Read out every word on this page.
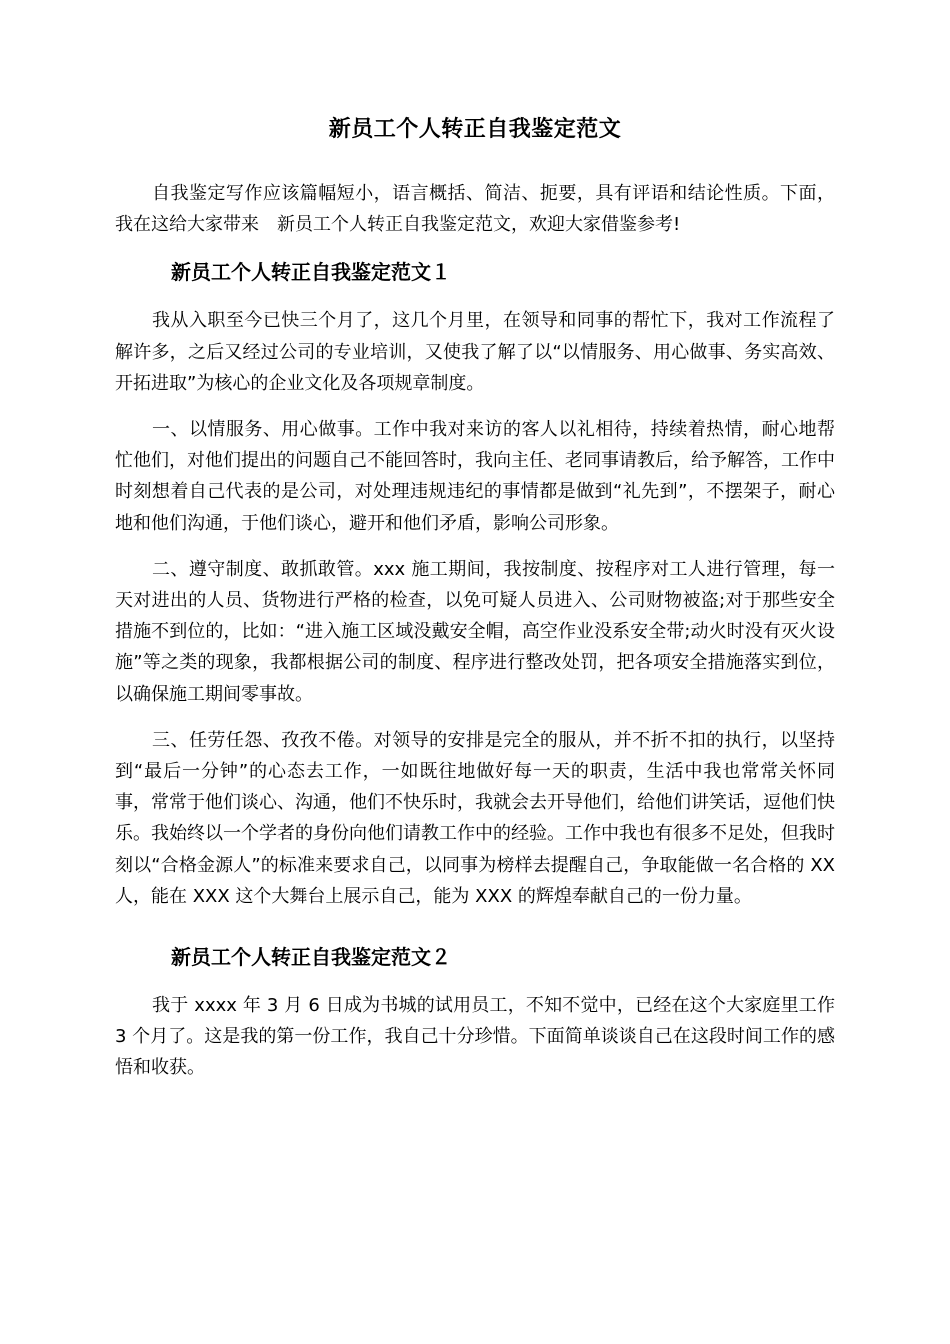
新员工个人转正自我鉴定范文

自我鉴定写作应该篇幅短小，语言概括、简洁、扼要，具有评语和结论性质。下面，我在这给大家带来　新员工个人转正自我鉴定范文，欢迎大家借鉴参考!

新员工个人转正自我鉴定范文１

我从入职至今已快三个月了，这几个月里，在领导和同事的帮忙下，我对工作流程了解许多，之后又经过公司的专业培训，又使我了解了以“以情服务、用心做事、务实高效、开拓进取”为核心的企业文化及各项规章制度。

一、以情服务、用心做事。工作中我对来访的客人以礼相待，持续着热情，耐心地帮忙他们，对他们提出的问题自己不能回答时，我向主任、老同事请教后，给予解答，工作中时刻想着自己代表的是公司，对处理违规违纪的事情都是做到“礼先到”，不摆架子，耐心地和他们沟通，于他们谈心，避开和他们矛盾，影响公司形象。

二、遵守制度、敢抓敢管。xxx 施工期间，我按制度、按程序对工人进行管理，每一天对进出的人员、货物进行严格的检查，以免可疑人员进入、公司财物被盗;对于那些安全措施不到位的，比如：“进入施工区域没戴安全帽，高空作业没系安全带;动火时没有灭火设施”等之类的现象，我都根据公司的制度、程序进行整改处罚，把各项安全措施落实到位，以确保施工期间零事故。

三、任劳任怨、孜孜不倦。对领导的安排是完全的服从，并不折不扣的执行，以坚持到“最后一分钟”的心态去工作，一如既往地做好每一天的职责，生活中我也常常关怀同事，常常于他们谈心、沟通，他们不快乐时，我就会去开导他们，给他们讲笑话，逗他们快乐。我始终以一个学者的身份向他们请教工作中的经验。工作中我也有很多不足处，但我时刻以“合格金源人”的标准来要求自己，以同事为榜样去提醒自己，争取能做一名合格的 XX 人，能在 XXX 这个大舞台上展示自己，能为 XXX 的辉煌奉献自己的一份力量。

新员工个人转正自我鉴定范文２

我于 xxxx 年 3 月 6 日成为书城的试用员工，不知不觉中，已经在这个大家庭里工作 3 个月了。这是我的第一份工作，我自己十分珍惜。下面简单谈谈自己在这段时间工作的感悟和收获。
